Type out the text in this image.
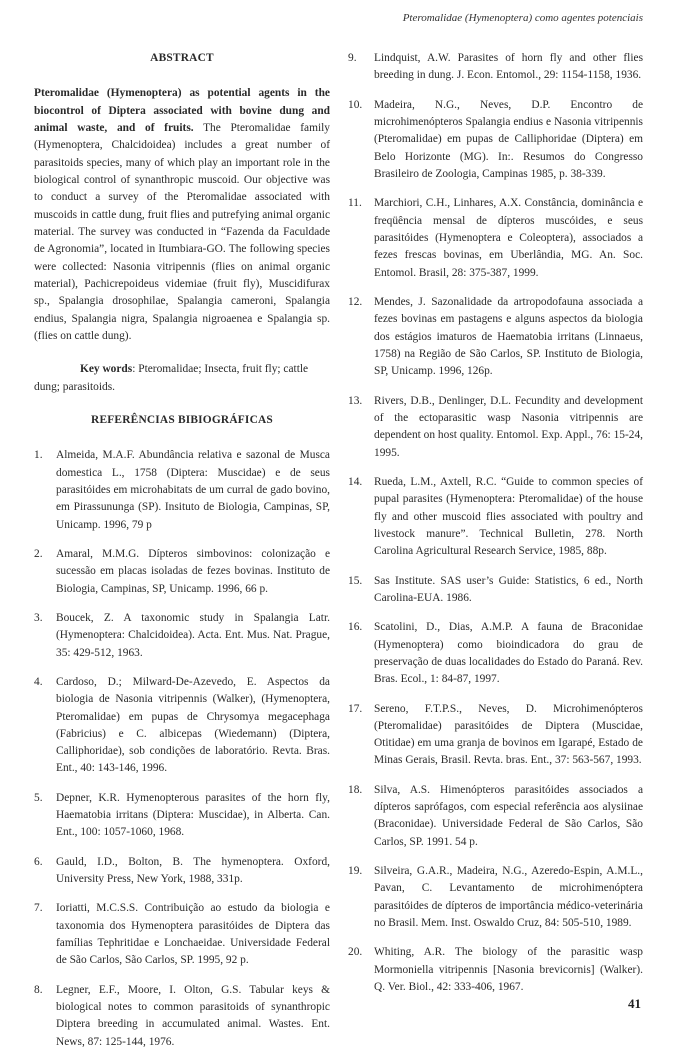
Pteromalidae (Hymenoptera) como agentes potenciais
ABSTRACT

Pteromalidae (Hymenoptera) as potential agents in the biocontrol of Diptera associated with bovine dung and animal waste, and of fruits. The Pteromalidae family (Hymenoptera, Chalcidoidea) includes a great number of parasitoids species, many of which play an important role in the biological control of synanthropic muscoid. Our objective was to conduct a survey of the Pteromalidae associated with muscoids in cattle dung, fruit flies and putrefying animal organic material. The survey was conducted in “Fazenda da Faculdade de Agronomia”, located in Itumbiara-GO. The following species were collected: Nasonia vitripennis (flies on animal organic material), Pachicrepoideus videmiae (fruit fly), Muscidifurax sp., Spalangia drosophilae, Spalangia cameroni, Spalangia endius, Spalangia nigra, Spalangia nigroaenea e Spalangia sp.(flies on cattle dung).

Key words: Pteromalidae; Insecta, fruit fly; cattle dung; parasitoids.

REFERÊNCIAS BIBIOGRÁFICAS
1. Almeida, M.A.F. Abundância relativa e sazonal de Musca domestica L., 1758 (Diptera: Muscidae) e de seus parasitóides em microhabitats de um curral de gado bovino, em Pirassununga (SP). Insituto de Biologia, Campinas, SP, Unicamp. 1996, 79 p
2. Amaral, M.M.G. Dípteros simbovinos: colonização e sucessão em placas isoladas de fezes bovinas. Instituto de Biologia, Campinas, SP, Unicamp. 1996, 66 p.
3. Boucek, Z. A taxonomic study in Spalangia Latr. (Hymenoptera: Chalcidoidea). Acta. Ent. Mus. Nat. Prague, 35: 429-512, 1963.
4. Cardoso, D.; Milward-De-Azevedo, E. Aspectos da biologia de Nasonia vitripennis (Walker), (Hymenoptera, Pteromalidae) em pupas de Chrysomya megacephaga (Fabricius) e C. albicepas (Wiedemann) (Diptera, Calliphoridae), sob condições de laboratório. Revta. Bras. Ent., 40: 143-146, 1996.
5. Depner, K.R. Hymenopterous parasites of the horn fly, Haematobia irritans (Diptera: Muscidae), in Alberta. Can. Ent., 100: 1057-1060, 1968.
6. Gauld, I.D., Bolton, B. The hymenoptera. Oxford, University Press, New York, 1988, 331p.
7. Ioriatti, M.C.S.S. Contribuição ao estudo da biologia e taxonomia dos Hymenoptera parasitóides de Diptera das famílias Tephritidae e Lonchaeidae. Universidade Federal de São Carlos, São Carlos, SP. 1995, 92 p.
8. Legner, E.F., Moore, I. Olton, G.S. Tabular keys & biological notes to common parasitoids of synanthropic Diptera breeding in accumulated animal. Wastes. Ent. News, 87: 125-144, 1976.
9. Lindquist, A.W. Parasites of horn fly and other flies breeding in dung. J. Econ. Entomol., 29: 1154-1158, 1936.
10. Madeira, N.G., Neves, D.P. Encontro de microhimenópteros Spalangia endius e Nasonia vitripennis (Pteromalidae) em pupas de Calliphoridae (Diptera) em Belo Horizonte (MG). In:. Resumos do Congresso Brasileiro de Zoologia, Campinas 1985, p. 38-339.
11. Marchiori, C.H., Linhares, A.X. Constância, dominância e freqüência mensal de dípteros muscóides, e seus parasitóides (Hymenoptera e Coleoptera), associados a fezes frescas bovinas, em Uberlândia, MG. An. Soc. Entomol. Brasil, 28: 375-387, 1999.
12. Mendes, J. Sazonalidade da artropodofauna associada a fezes bovinas em pastagens e alguns aspectos da biologia dos estágios imaturos de Haematobia irritans (Linnaeus, 1758) na Região de São Carlos, SP. Instituto de Biologia, SP, Unicamp. 1996, 126p.
13. Rivers, D.B., Denlinger, D.L. Fecundity and development of the ectoparasitic wasp Nasonia vitripennis are dependent on host quality. Entomol. Exp. Appl., 76: 15-24, 1995.
14. Rueda, L.M., Axtell, R.C. “Guide to common species of pupal parasites (Hymenoptera: Pteromalidae) of the house fly and other muscoid flies associated with poultry and livestock manure”. Technical Bulletin, 278. North Carolina Agricultural Research Service, 1985, 88p.
15. Sas Institute. SAS user’s Guide: Statistics, 6 ed., North Carolina-EUA. 1986.
16. Scatolini, D., Dias, A.M.P. A fauna de Braconidae (Hymenoptera) como bioindicadora do grau de preservação de duas localidades do Estado do Paraná. Rev. Bras. Ecol., 1: 84-87, 1997.
17. Sereno, F.T.P.S., Neves, D. Microhimenópteros (Pteromalidae) parasitóides de Diptera (Muscidae, Otitidae) em uma granja de bovinos em Igarapé, Estado de Minas Gerais, Brasil. Revta. bras. Ent., 37: 563-567, 1993.
18. Silva, A.S. Himenópteros parasitóides associados a dípteros saprófagos, com especial referência aos alysiinae (Braconidae). Universidade Federal de São Carlos, São Carlos, SP. 1991. 54 p.
19. Silveira, G.A.R., Madeira, N.G., Azeredo-Espin, A.M.L., Pavan, C. Levantamento de microhimenóptera parasitóides de dípteros de importância médico-veterinária no Brasil. Mem. Inst. Oswaldo Cruz, 84: 505-510, 1989.
20. Whiting, A.R. The biology of the parasitic wasp Mormoniella vitripennis [Nasonia brevicornis] (Walker). Q. Ver. Biol., 42: 333-406, 1967.
41
